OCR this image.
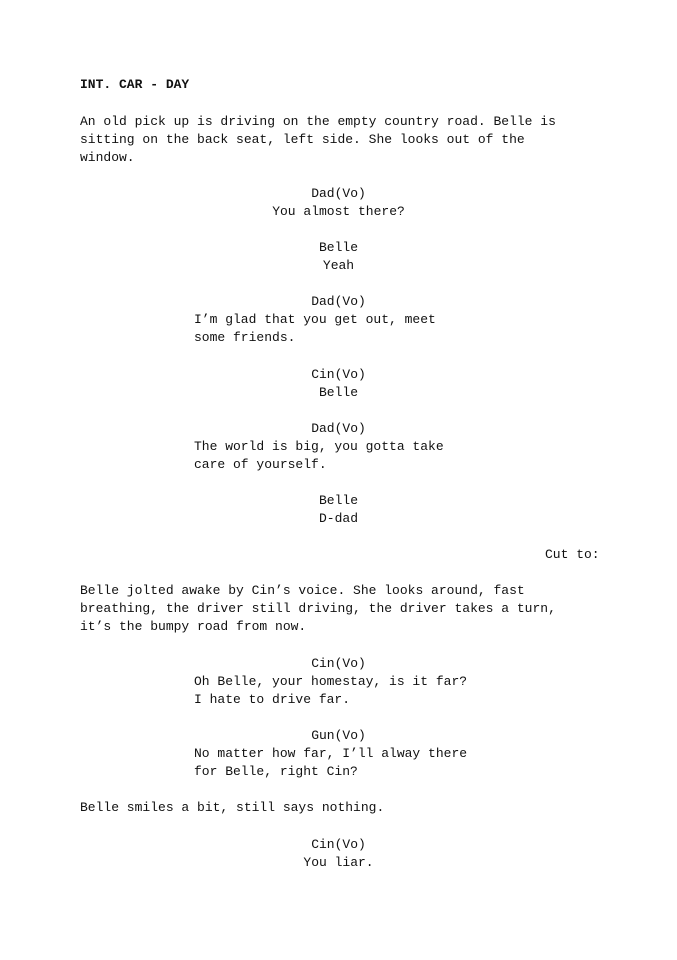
INT. CAR - DAY
An old pick up is driving on the empty country road. Belle is
sitting on the back seat, left side. She looks out of the
window.
Dad(Vo)
You almost there?
Belle
Yeah
Dad(Vo)
I’m glad that you get out, meet
some friends.
Cin(Vo)
Belle
Dad(Vo)
The world is big, you gotta take
care of yourself.
Belle
D-dad
Cut to:
Belle jolted awake by Cin’s voice. She looks around, fast
breathing, the driver still driving, the driver takes a turn,
it’s the bumpy road from now.
Cin(Vo)
Oh Belle, your homestay, is it far?
I hate to drive far.
Gun(Vo)
No matter how far, I’ll alway there
for Belle, right Cin?
Belle smiles a bit, still says nothing.
Cin(Vo)
You liar.
